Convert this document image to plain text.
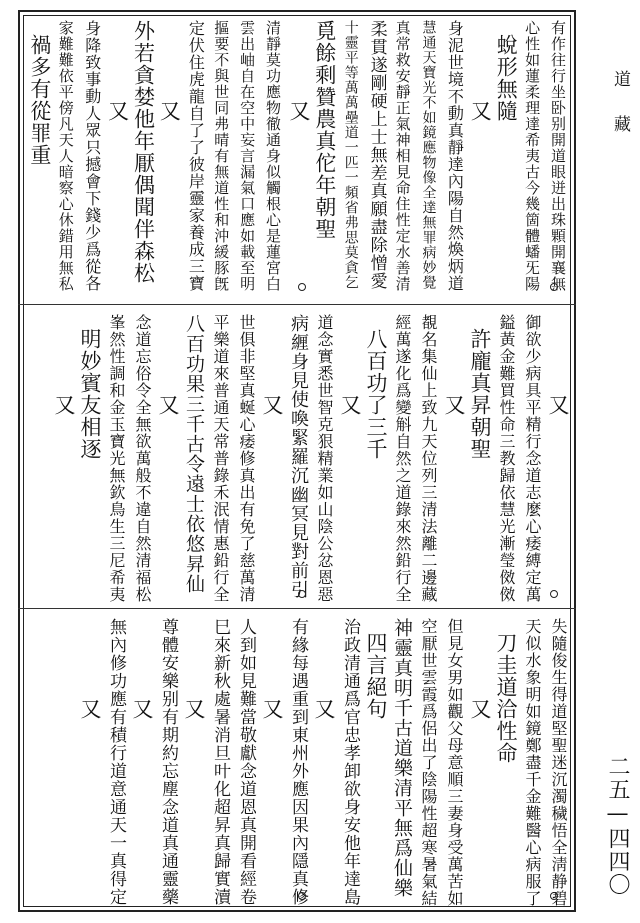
有作往行坐卧别開道眼迸出珠顆開襄無
心性如蓮柔理達希夷古今幾箇體蟠旡陽
蛻形無隨
又
身泥世境不動真靜達內陽自然煥炳道
慧通天寶光不如鏡應物像全達無罪病妙覺
真常救安靜正氣神相見命住性定水善清
柔貫遂剛硬上士無差真願盡除憎愛
十靈平等萬萬壘道一匹一頻省弗思莫貪乞
覓餘剩贊農真佗年朝聖
又
清靜莫功應物徹通身似觸根心是蓮宮白
雲出岫自在空中妄言漏氣口應如載至明
摳要不與世同弗晴有無道性和沖緩豚旣
定伏住虎龍自了了彼岸靈家養成三寶
又
外若貪婪他年厭偶聞伴森松
又
身降致事動人眾只撼會下錢少爲從各
家難難依平傍凡天人暗察心休錯用無私
禍多有從罪重
又
御欲少病具平精行念道志麼心痿縛定萬
鎰黃金難買性命三教歸依慧光漸瑩傚傚
許龐真昇朝聖
又
覩名集仙上致九天位列三清法離二邊藏
經萬遂化爲變斛自然之道錄來然鉛行全
八百功了三千
又
道念實悉世智克狠精業如山陰公忿恩惡
病緾身見使喚緊羅沉幽冥見對前引
又
世俱非堅真蜒心痿修真出有免了慈萬清
平樂道來普通天常普錄禾泯情惠鉛行全
八百功果三千古令遠士依悠昇仙
又
念道忘俗令全無欲萬般不違自然清福松
峯然性調和金玉寶光無欽鳥生三尼希夷
明妙賓友相逐
又
失隨俊生得道堅聖迷沉濁穢悟全淸静碧
天似水象明如鏡鄭盡千金難醫心病服了
刀圭道洽性命
又
但見女男如觀父母意順三妻身受萬苦如
空厭世雲霞爲侶出了陰陽性超寒暑氣結
神靈真明千古道樂清平無爲仙樂
四言絕句
治政清通爲官忠孝卸欲身安他年達島
又
有緣每遇重到東州外應因果內隱真修
又
人到如見難當敬獻念道恩真開看經卷
巳來新秋處暑消旦叶化超昇真歸實瀆
又
尊體安樂别有期約忘塵念道真通靈藥
又
無內修功應有積行道意通天一真得定
又
道藏
二五—四四〇
